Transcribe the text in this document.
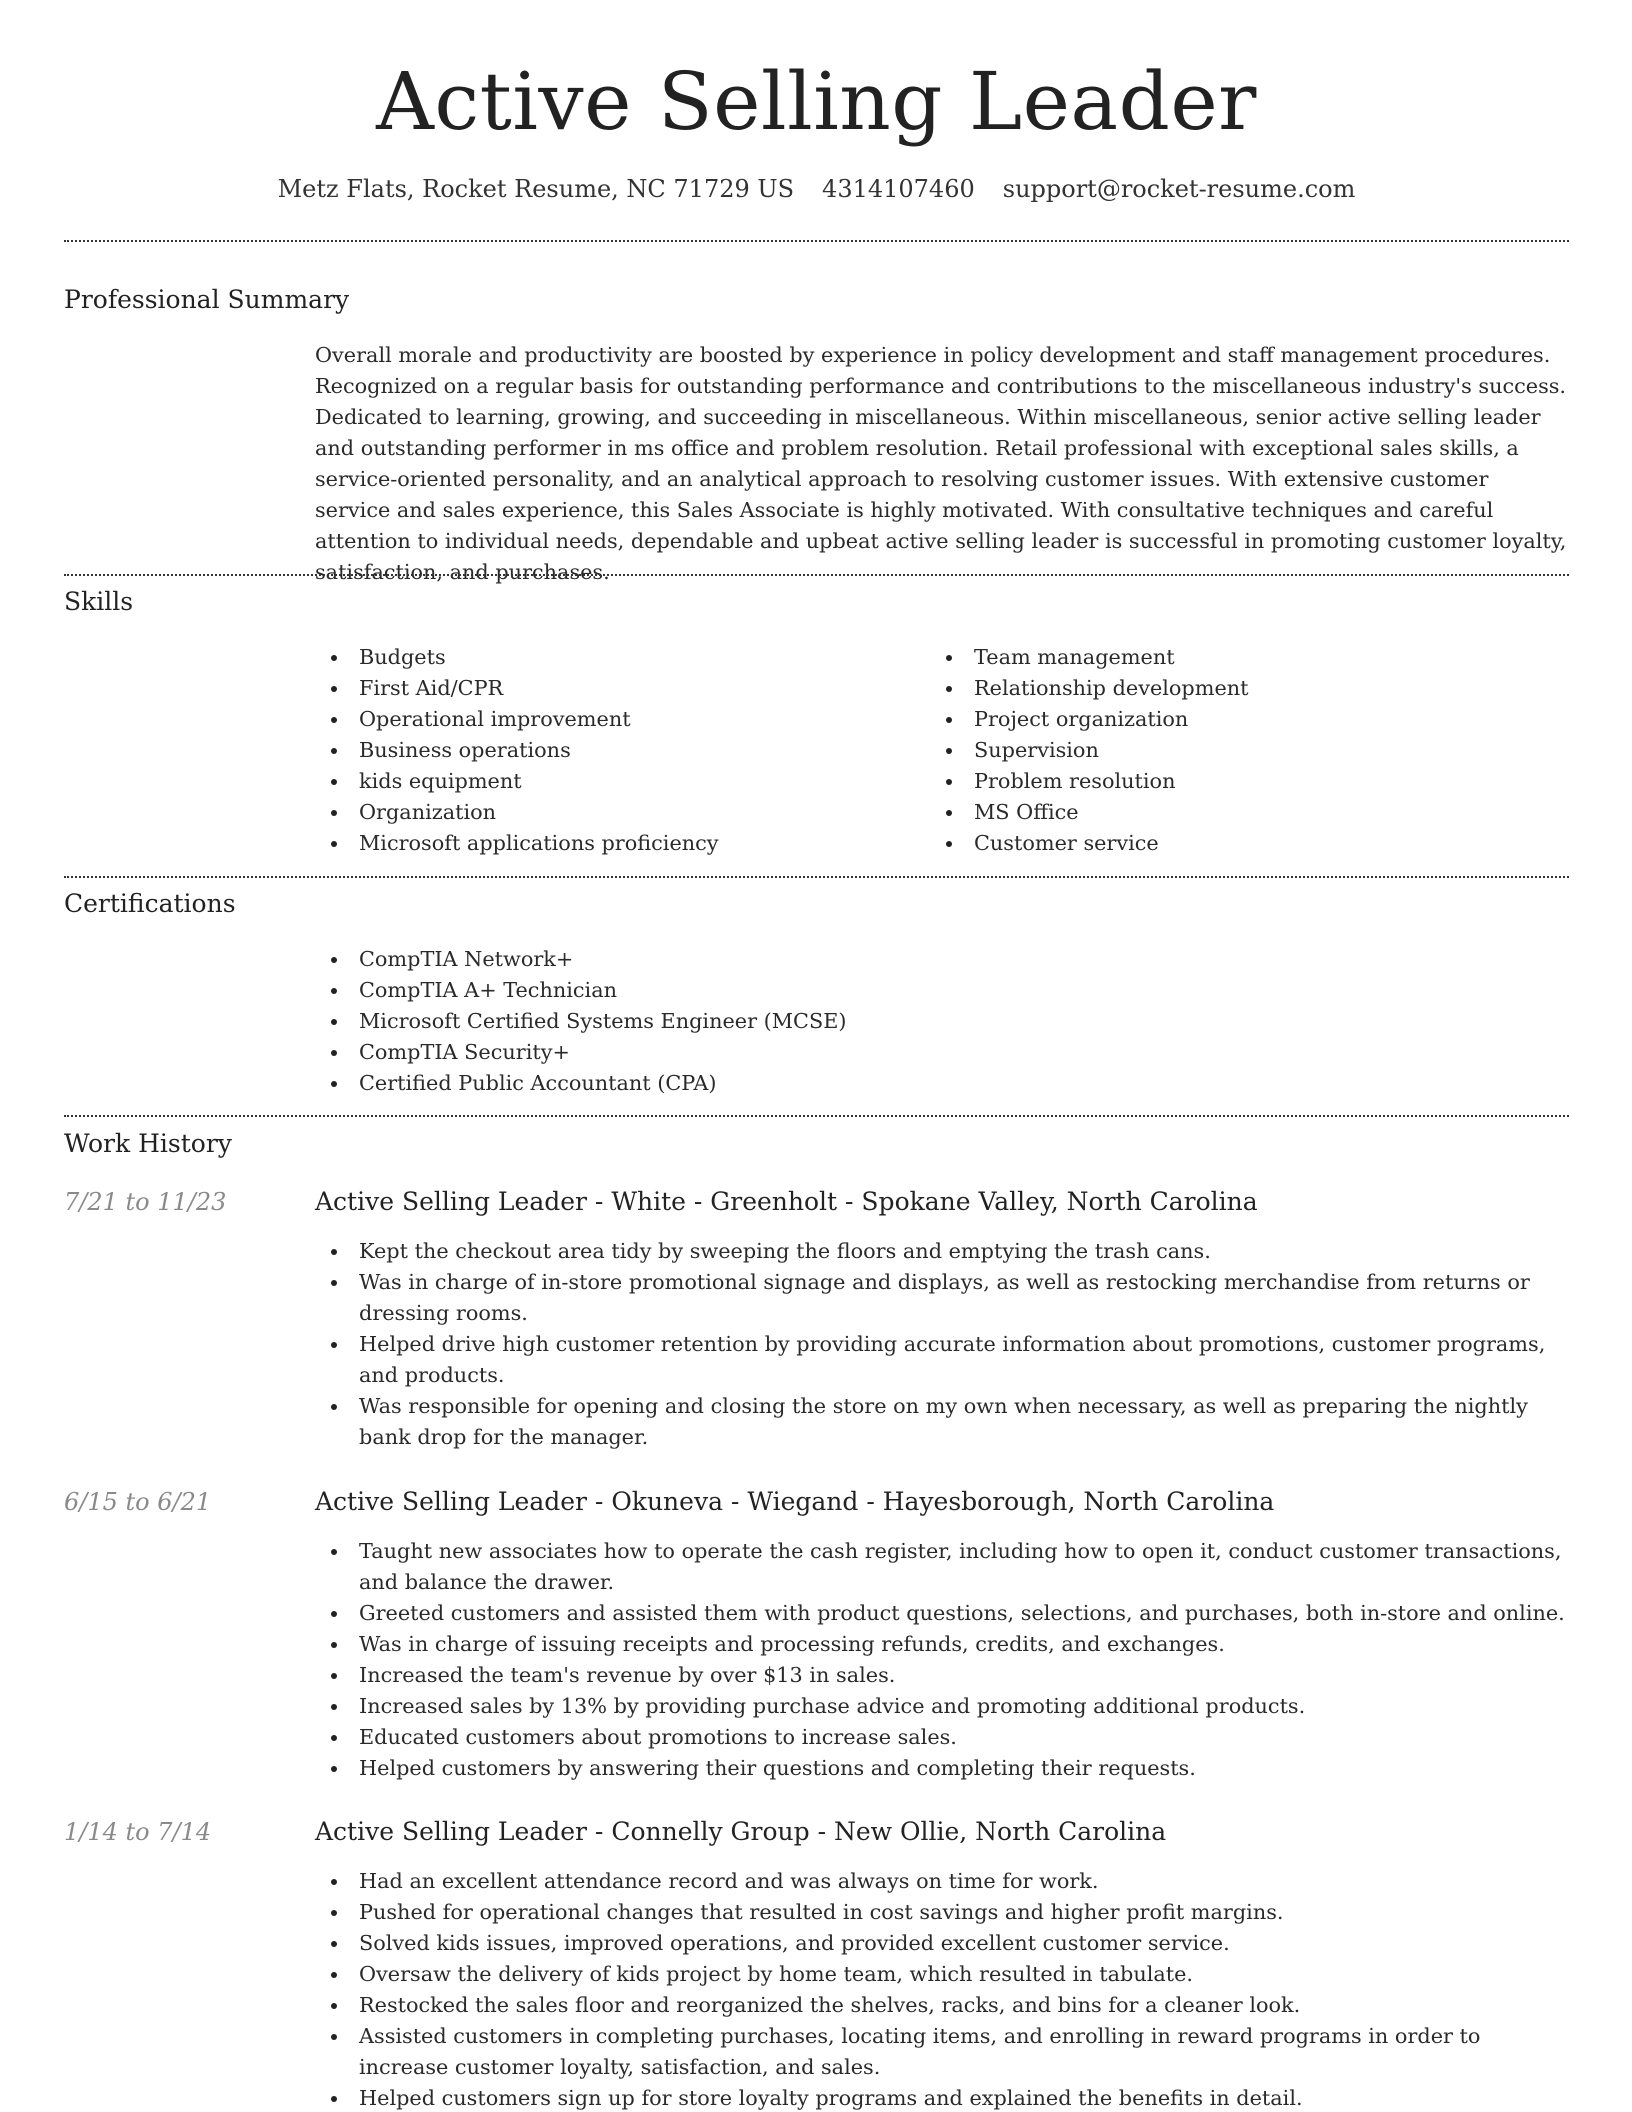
Active Selling Leader
Metz Flats, Rocket Resume, NC 71729 US 4314107460 support@rocket-resume.com
Professional Summary
Overall morale and productivity are boosted by experience in policy development and staff management procedures. Recognized on a regular basis for outstanding performance and contributions to the miscellaneous industry's success. Dedicated to learning, growing, and succeeding in miscellaneous. Within miscellaneous, senior active selling leader and outstanding performer in ms office and problem resolution. Retail professional with exceptional sales skills, a service-oriented personality, and an analytical approach to resolving customer issues. With extensive customer service and sales experience, this Sales Associate is highly motivated. With consultative techniques and careful attention to individual needs, dependable and upbeat active selling leader is successful in promoting customer loyalty, satisfaction, and purchases.
Skills
Budgets
First Aid/CPR
Operational improvement
Business operations
kids equipment
Organization
Microsoft applications proficiency
Team management
Relationship development
Project organization
Supervision
Problem resolution
MS Office
Customer service
Certifications
CompTIA Network+
CompTIA A+ Technician
Microsoft Certified Systems Engineer (MCSE)
CompTIA Security+
Certified Public Accountant (CPA)
Work History
7/21 to 11/23	Active Selling Leader - White - Greenholt - Spokane Valley, North Carolina
Kept the checkout area tidy by sweeping the floors and emptying the trash cans.
Was in charge of in-store promotional signage and displays, as well as restocking merchandise from returns or dressing rooms.
Helped drive high customer retention by providing accurate information about promotions, customer programs, and products.
Was responsible for opening and closing the store on my own when necessary, as well as preparing the nightly bank drop for the manager.
6/15 to 6/21	Active Selling Leader - Okuneva - Wiegand - Hayesborough, North Carolina
Taught new associates how to operate the cash register, including how to open it, conduct customer transactions, and balance the drawer.
Greeted customers and assisted them with product questions, selections, and purchases, both in-store and online.
Was in charge of issuing receipts and processing refunds, credits, and exchanges.
Increased the team's revenue by over $13 in sales.
Increased sales by 13% by providing purchase advice and promoting additional products.
Educated customers about promotions to increase sales.
Helped customers by answering their questions and completing their requests.
1/14 to 7/14	Active Selling Leader - Connelly Group - New Ollie, North Carolina
Had an excellent attendance record and was always on time for work.
Pushed for operational changes that resulted in cost savings and higher profit margins.
Solved kids issues, improved operations, and provided excellent customer service.
Oversaw the delivery of kids project by home team, which resulted in tabulate.
Restocked the sales floor and reorganized the shelves, racks, and bins for a cleaner look.
Assisted customers in completing purchases, locating items, and enrolling in reward programs in order to increase customer loyalty, satisfaction, and sales.
Helped customers sign up for store loyalty programs and explained the benefits in detail.
